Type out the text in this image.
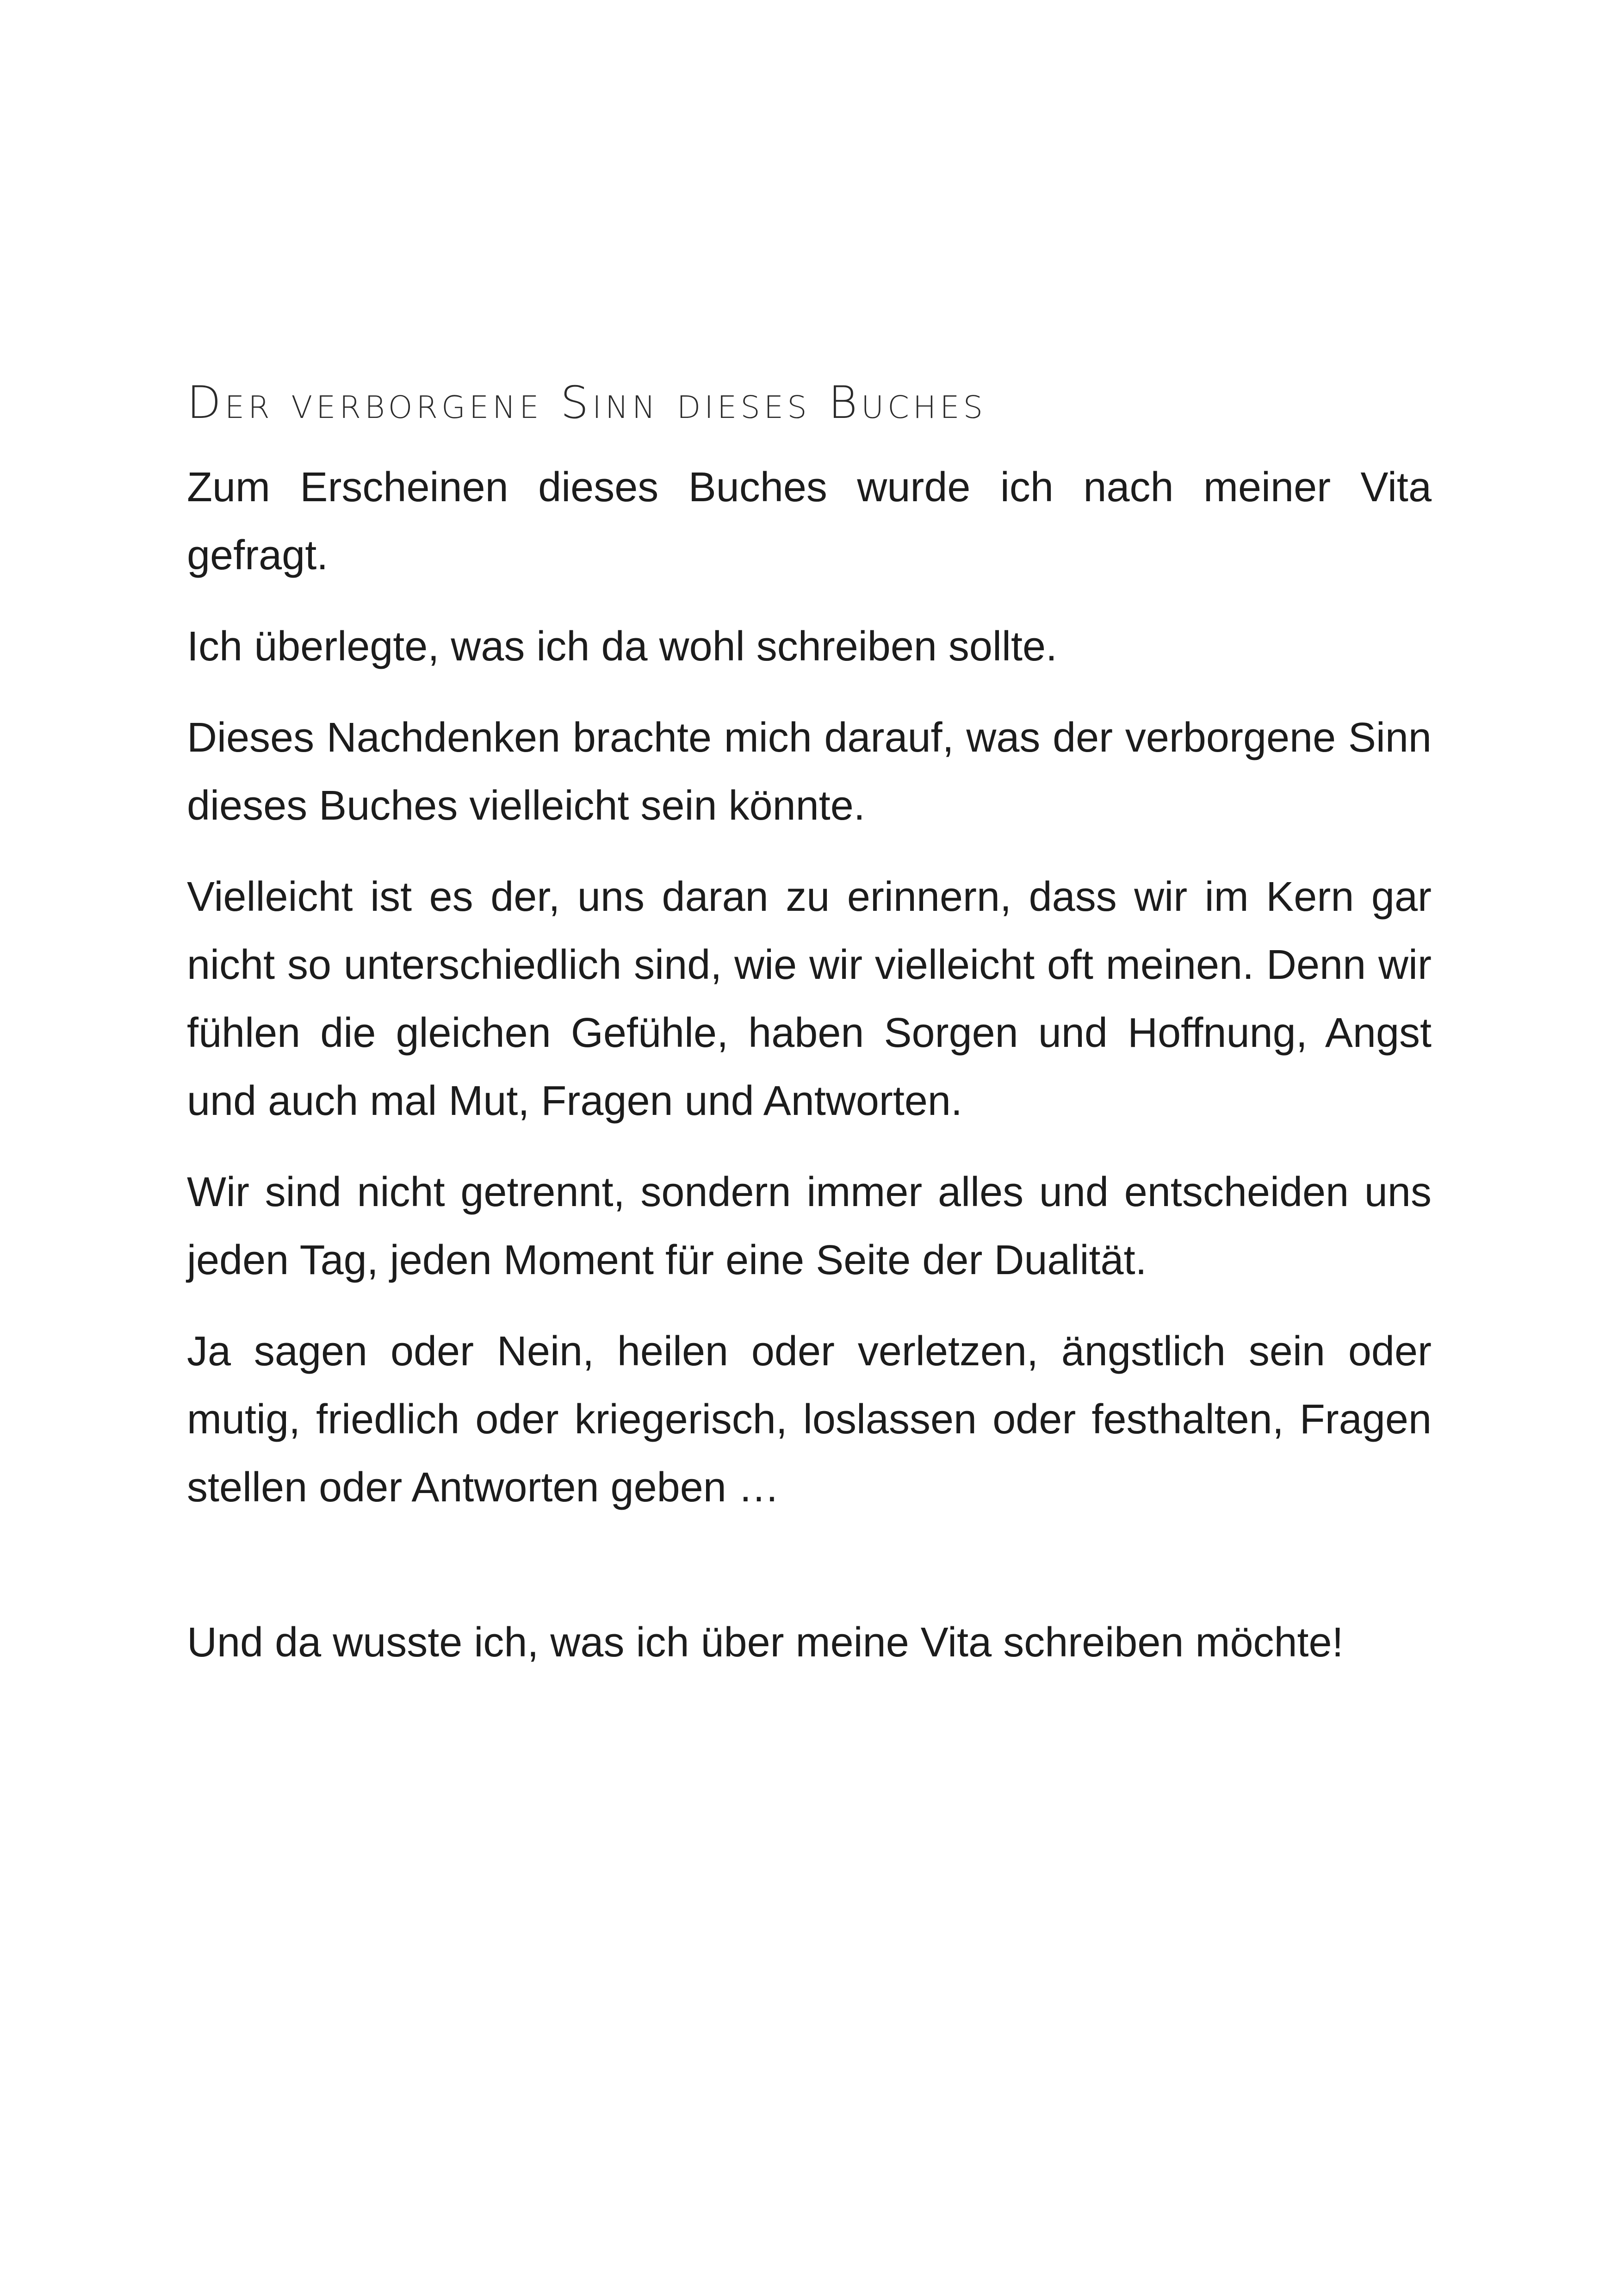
Der verborgene Sinn dieses Buches

Zum Erscheinen dieses Buches wurde ich nach meiner Vita gefragt.

Ich überlegte, was ich da wohl schreiben sollte.

Dieses Nachdenken brachte mich darauf, was der verborgene Sinn dieses Buches vielleicht sein könnte.

Vielleicht ist es der, uns daran zu erinnern, dass wir im Kern gar nicht so unterschiedlich sind, wie wir vielleicht oft meinen. Denn wir fühlen die gleichen Gefühle, haben Sorgen und Hoffnung, Angst und auch mal Mut, Fragen und Antworten.

Wir sind nicht getrennt, sondern immer alles und entscheiden uns jeden Tag, jeden Moment für eine Seite der Dualität.

Ja sagen oder Nein, heilen oder verletzen, ängstlich sein oder mutig, friedlich oder kriegerisch, loslassen oder festhalten, Fragen stellen oder Antworten geben …

Und da wusste ich, was ich über meine Vita schreiben möchte!
